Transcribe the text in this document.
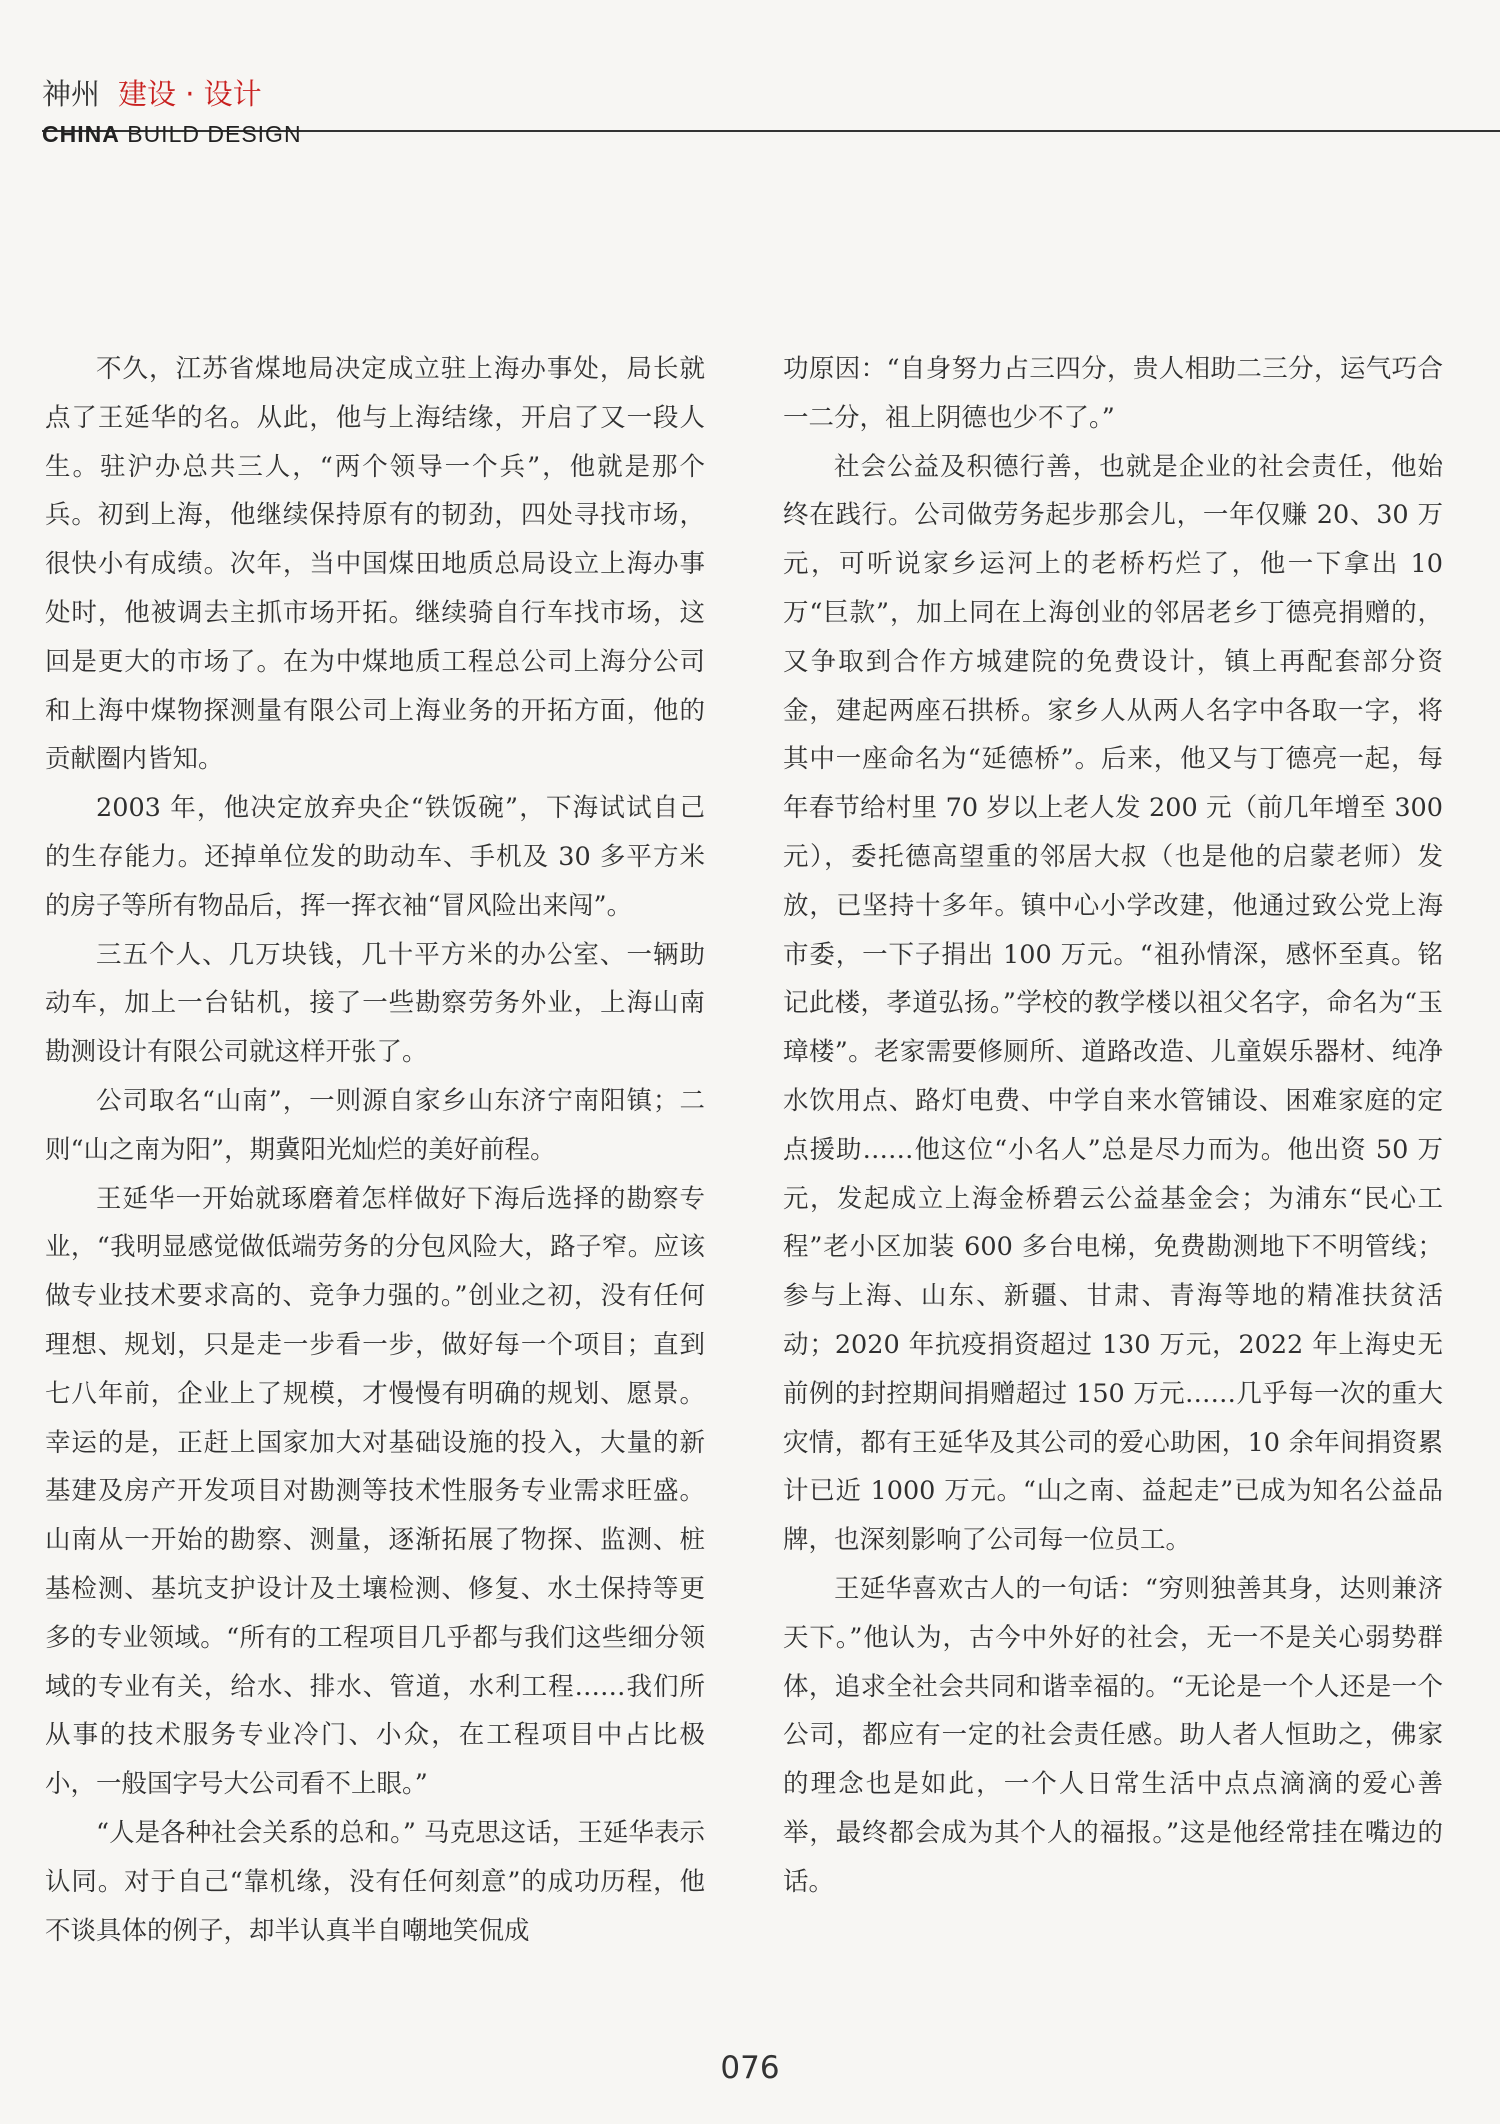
神州 建设 · 设计
CHINA BUILD DESIGN

不久，江苏省煤地局决定成立驻上海办事处，局长就点了王延华的名。从此，他与上海结缘，开启了又一段人生。驻沪办总共三人，“两个领导一个兵”，他就是那个兵。初到上海，他继续保持原有的韧劲，四处寻找市场，很快小有成绩。次年，当中国煤田地质总局设立上海办事处时，他被调去主抓市场开拓。继续骑自行车找市场，这回是更大的市场了。在为中煤地质工程总公司上海分公司和上海中煤物探测量有限公司上海业务的开拓方面，他的贡献圈内皆知。

2003 年，他决定放弃央企“铁饭碗”，下海试试自己的生存能力。还掉单位发的助动车、手机及 30 多平方米的房子等所有物品后，挥一挥衣袖“冒风险出来闯”。

三五个人、几万块钱，几十平方米的办公室、一辆助动车，加上一台钻机，接了一些勘察劳务外业，上海山南勘测设计有限公司就这样开张了。

公司取名“山南”，一则源自家乡山东济宁南阳镇；二则“山之南为阳”，期冀阳光灿烂的美好前程。

王延华一开始就琢磨着怎样做好下海后选择的勘察专业，“我明显感觉做低端劳务的分包风险大，路子窄。应该做专业技术要求高的、竞争力强的。”创业之初，没有任何理想、规划，只是走一步看一步，做好每一个项目；直到七八年前，企业上了规模，才慢慢有明确的规划、愿景。幸运的是，正赶上国家加大对基础设施的投入，大量的新基建及房产开发项目对勘测等技术性服务专业需求旺盛。山南从一开始的勘察、测量，逐渐拓展了物探、监测、桩基检测、基坑支护设计及土壤检测、修复、水土保持等更多的专业领域。“所有的工程项目几乎都与我们这些细分领域的专业有关，给水、排水、管道，水利工程……我们所从事的技术服务专业冷门、小众，在工程项目中占比极小，一般国字号大公司看不上眼。”

“人是各种社会关系的总和。” 马克思这话，王延华表示认同。对于自己“靠机缘，没有任何刻意”的成功历程，他不谈具体的例子，却半认真半自嘲地笑侃成

功原因：“自身努力占三四分，贵人相助二三分，运气巧合一二分，祖上阴德也少不了。”

社会公益及积德行善，也就是企业的社会责任，他始终在践行。公司做劳务起步那会儿，一年仅赚 20、30 万元，可听说家乡运河上的老桥朽烂了，他一下拿出 10 万“巨款”，加上同在上海创业的邻居老乡丁德亮捐赠的，又争取到合作方城建院的免费设计，镇上再配套部分资金，建起两座石拱桥。家乡人从两人名字中各取一字，将其中一座命名为“延德桥”。后来，他又与丁德亮一起，每年春节给村里 70 岁以上老人发 200 元（前几年增至 300 元），委托德高望重的邻居大叔（也是他的启蒙老师）发放，已坚持十多年。镇中心小学改建，他通过致公党上海市委，一下子捐出 100 万元。“祖孙情深，感怀至真。铭记此楼，孝道弘扬。”学校的教学楼以祖父名字，命名为“玉璋楼”。老家需要修厕所、道路改造、儿童娱乐器材、纯净水饮用点、路灯电费、中学自来水管铺设、困难家庭的定点援助……他这位“小名人”总是尽力而为。他出资 50 万元，发起成立上海金桥碧云公益基金会；为浦东“民心工程”老小区加装 600 多台电梯，免费勘测地下不明管线；参与上海、山东、新疆、甘肃、青海等地的精准扶贫活动；2020 年抗疫捐资超过 130 万元，2022 年上海史无前例的封控期间捐赠超过 150 万元……几乎每一次的重大灾情，都有王延华及其公司的爱心助困，10 余年间捐资累计已近 1000 万元。“山之南、益起走”已成为知名公益品牌，也深刻影响了公司每一位员工。

王延华喜欢古人的一句话：“穷则独善其身，达则兼济天下。”他认为，古今中外好的社会，无一不是关心弱势群体，追求全社会共同和谐幸福的。“无论是一个人还是一个公司，都应有一定的社会责任感。助人者人恒助之，佛家的理念也是如此，一个人日常生活中点点滴滴的爱心善举，最终都会成为其个人的福报。”这是他经常挂在嘴边的话。

076
